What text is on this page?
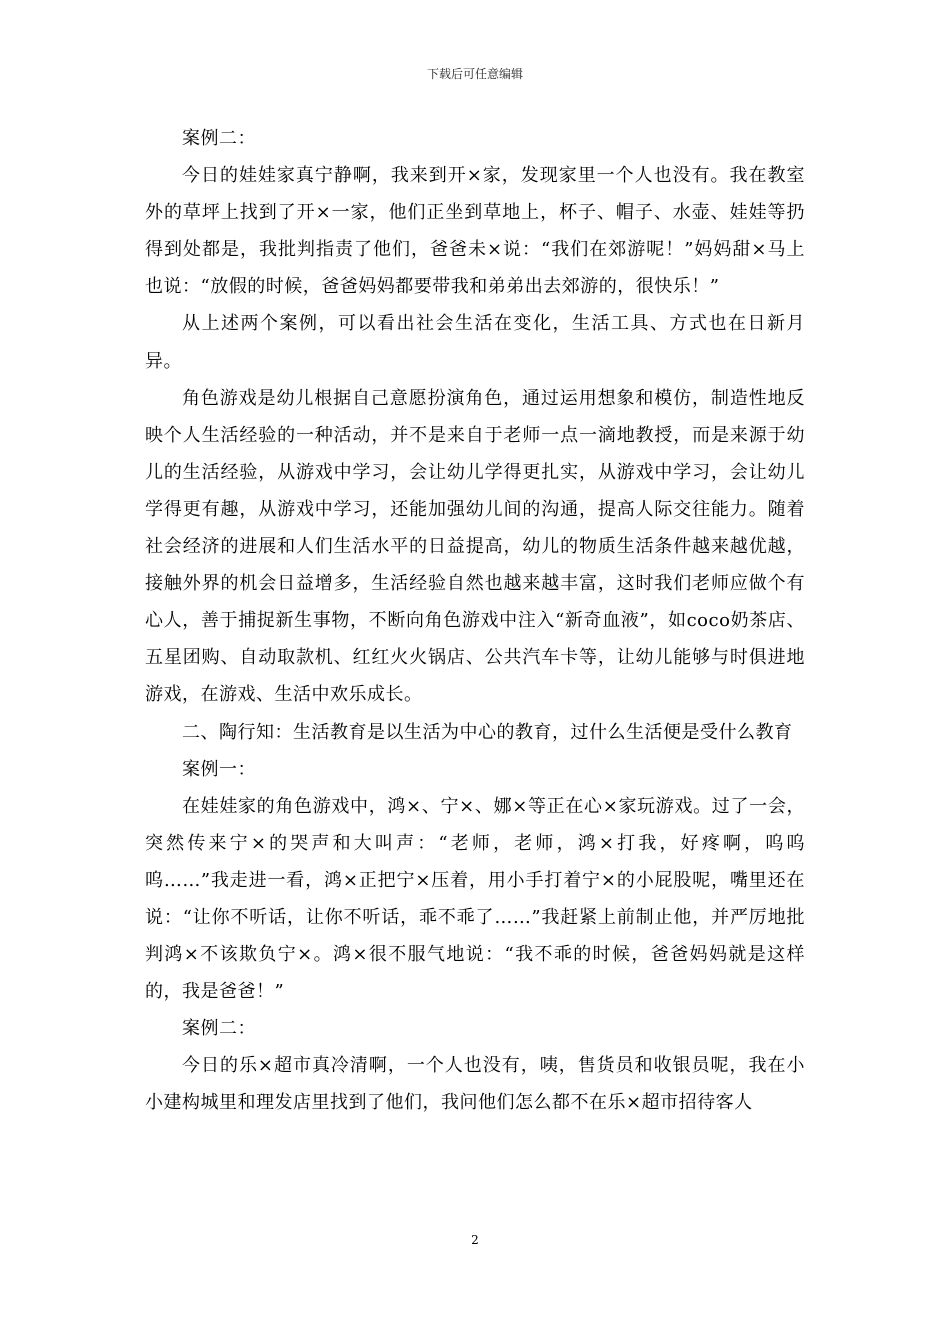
下载后可任意编辑

案例二：

今日的娃娃家真宁静啊，我来到开×家，发现家里一个人也没有。我在教室外的草坪上找到了开×一家，他们正坐到草地上，杯子、帽子、水壶、娃娃等扔得到处都是，我批判指责了他们，爸爸未×说：“我们在郊游呢！”妈妈甜×马上也说：“放假的时候，爸爸妈妈都要带我和弟弟出去郊游的，很快乐！”

从上述两个案例，可以看出社会生活在变化，生活工具、方式也在日新月异。

角色游戏是幼儿根据自己意愿扮演角色，通过运用想象和模仿，制造性地反映个人生活经验的一种活动，并不是来自于老师一点一滴地教授，而是来源于幼儿的生活经验，从游戏中学习，会让幼儿学得更扎实，从游戏中学习，会让幼儿学得更有趣，从游戏中学习，还能加强幼儿间的沟通，提高人际交往能力。随着社会经济的进展和人们生活水平的日益提高，幼儿的物质生活条件越来越优越，接触外界的机会日益增多，生活经验自然也越来越丰富，这时我们老师应做个有心人，善于捕捉新生事物，不断向角色游戏中注入“新奇血液”，如coco奶茶店、五星团购、自动取款机、红红火火锅店、公共汽车卡等，让幼儿能够与时俱进地游戏，在游戏、生活中欢乐成长。

二、陶行知：生活教育是以生活为中心的教育，过什么生活便是受什么教育

案例一：

在娃娃家的角色游戏中，鸿×、宁×、娜×等正在心×家玩游戏。过了一会，突然传来宁×的哭声和大叫声：“老师，老师，鸿×打我，好疼啊，呜呜呜……”我走进一看，鸿×正把宁×压着，用小手打着宁×的小屁股呢，嘴里还在说：“让你不听话，让你不听话，乖不乖了……”我赶紧上前制止他，并严厉地批判鸿×不该欺负宁×。鸿×很不服气地说：“我不乖的时候，爸爸妈妈就是这样的，我是爸爸！”

案例二：

今日的乐×超市真冷清啊，一个人也没有，咦，售货员和收银员呢，我在小小建构城里和理发店里找到了他们，我问他们怎么都不在乐×超市招待客人

2
